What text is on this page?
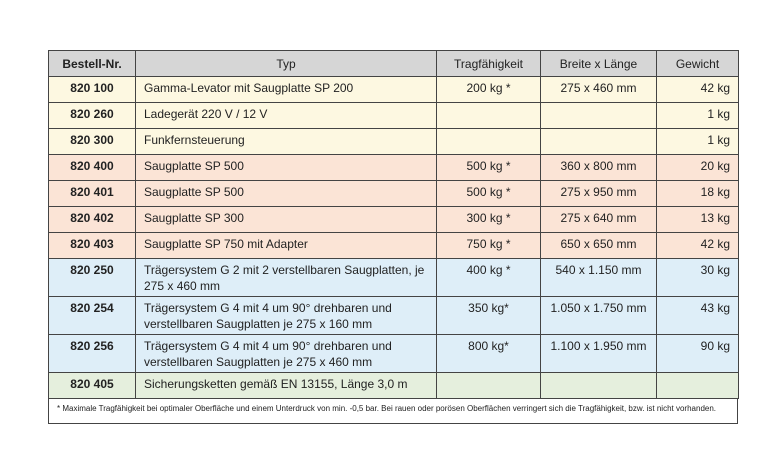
Bestell-Nr.	Typ	Tragfähigkeit	Breite x Länge	Gewicht
820 100	Gamma-Levator mit Saugplatte SP 200	200 kg *	275 x 460 mm	42 kg
820 260	Ladegerät 220 V / 12 V			1 kg
820 300	Funkfernsteuerung			1 kg
820 400	Saugplatte SP 500	500 kg *	360 x 800 mm	20 kg
820 401	Saugplatte SP 500	500 kg *	275 x 950 mm	18 kg
820 402	Saugplatte SP 300	300 kg *	275 x 640 mm	13 kg
820 403	Saugplatte SP 750 mit Adapter	750 kg *	650 x 650 mm	42 kg
820 250	Trägersystem G 2 mit 2 verstellbaren Saugplatten, je 275 x 460 mm	400 kg *	540 x 1.150 mm	30 kg
820 254	Trägersystem G 4 mit 4 um 90° drehbaren und verstellbaren Saugplatten je 275 x 160 mm	350 kg*	1.050 x 1.750 mm	43 kg
820 256	Trägersystem G 4 mit 4 um 90° drehbaren und verstellbaren Saugplatten je 275 x 460 mm	800 kg*	1.100 x 1.950 mm	90 kg
820 405	Sicherungsketten gemäß EN 13155, Länge 3,0 m			
* Maximale Tragfähigkeit bei optimaler Oberfläche und einem Unterdruck von min. -0,5 bar. Bei rauen oder porösen Oberflächen verringert sich die Tragfähigkeit, bzw. ist nicht vorhanden.
